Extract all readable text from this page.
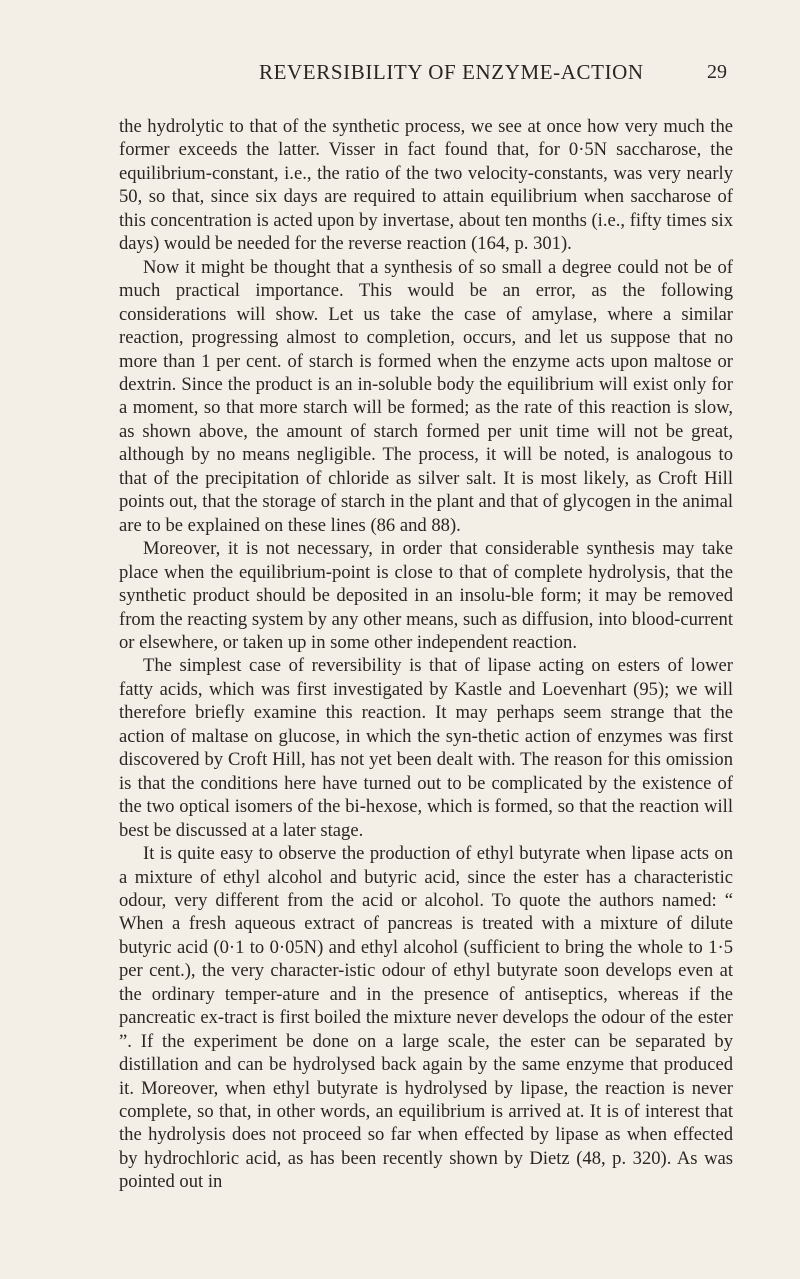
REVERSIBILITY OF ENZYME-ACTION	29

the hydrolytic to that of the synthetic process, we see at once how very much the former exceeds the latter. Visser in fact found that, for 0·5N saccharose, the equilibrium-constant, i.e., the ratio of the two velocity-constants, was very nearly 50, so that, since six days are required to attain equilibrium when saccharose of this concentration is acted upon by invertase, about ten months (i.e., fifty times six days) would be needed for the reverse reaction (164, p. 301).

Now it might be thought that a synthesis of so small a degree could not be of much practical importance. This would be an error, as the following considerations will show. Let us take the case of amylase, where a similar reaction, progressing almost to completion, occurs, and let us suppose that no more than 1 per cent. of starch is formed when the enzyme acts upon maltose or dextrin. Since the product is an in-soluble body the equilibrium will exist only for a moment, so that more starch will be formed; as the rate of this reaction is slow, as shown above, the amount of starch formed per unit time will not be great, although by no means negligible. The process, it will be noted, is analogous to that of the precipitation of chloride as silver salt. It is most likely, as Croft Hill points out, that the storage of starch in the plant and that of glycogen in the animal are to be explained on these lines (86 and 88).

Moreover, it is not necessary, in order that considerable synthesis may take place when the equilibrium-point is close to that of complete hydrolysis, that the synthetic product should be deposited in an insolu-ble form; it may be removed from the reacting system by any other means, such as diffusion, into blood-current or elsewhere, or taken up in some other independent reaction.

The simplest case of reversibility is that of lipase acting on esters of lower fatty acids, which was first investigated by Kastle and Loevenhart (95); we will therefore briefly examine this reaction. It may perhaps seem strange that the action of maltase on glucose, in which the syn-thetic action of enzymes was first discovered by Croft Hill, has not yet been dealt with. The reason for this omission is that the conditions here have turned out to be complicated by the existence of the two optical isomers of the bi-hexose, which is formed, so that the reaction will best be discussed at a later stage.

It is quite easy to observe the production of ethyl butyrate when lipase acts on a mixture of ethyl alcohol and butyric acid, since the ester has a characteristic odour, very different from the acid or alcohol. To quote the authors named: “ When a fresh aqueous extract of pancreas is treated with a mixture of dilute butyric acid (0·1 to 0·05N) and ethyl alcohol (sufficient to bring the whole to 1·5 per cent.), the very character-istic odour of ethyl butyrate soon develops even at the ordinary temper-ature and in the presence of antiseptics, whereas if the pancreatic ex-tract is first boiled the mixture never develops the odour of the ester ”. If the experiment be done on a large scale, the ester can be separated by distillation and can be hydrolysed back again by the same enzyme that produced it. Moreover, when ethyl butyrate is hydrolysed by lipase, the reaction is never complete, so that, in other words, an equilibrium is arrived at. It is of interest that the hydrolysis does not proceed so far when effected by lipase as when effected by hydrochloric acid, as has been recently shown by Dietz (48, p. 320). As was pointed out in
